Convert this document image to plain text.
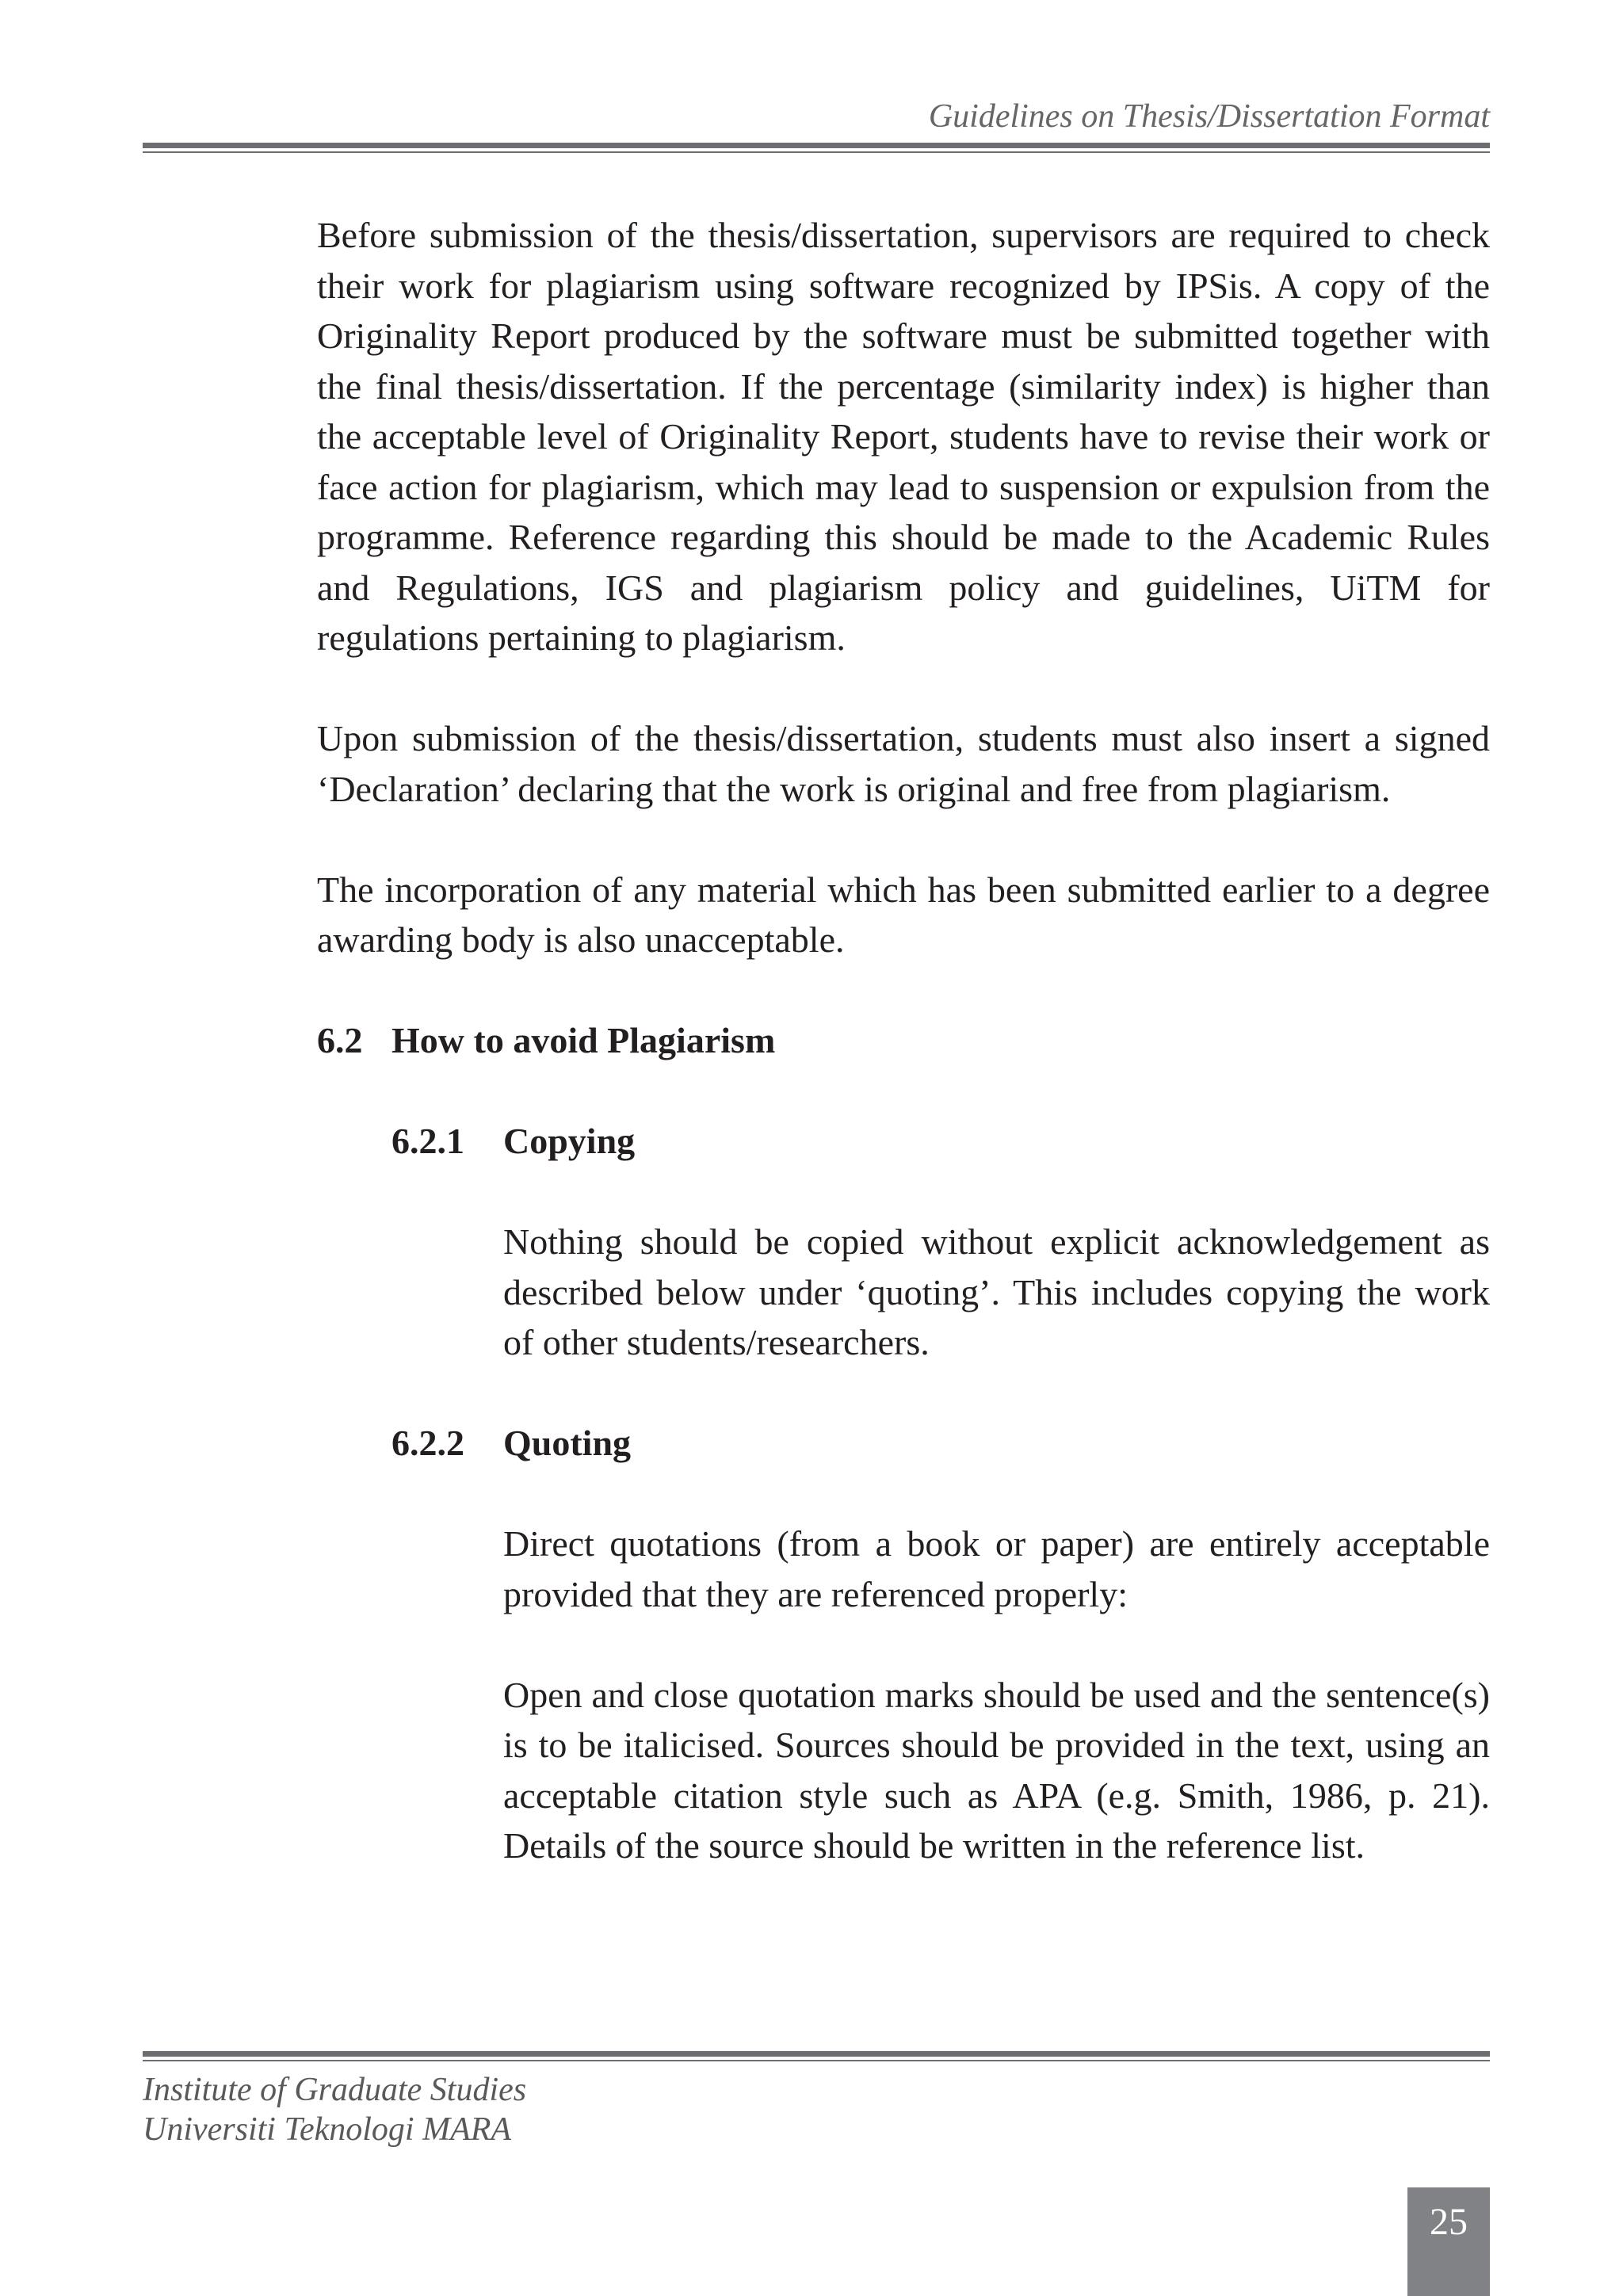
Guidelines on Thesis/Dissertation Format

Before submission of the thesis/dissertation, supervisors are required to check their work for plagiarism using software recognized by IPSis. A copy of the Originality Report produced by the software must be submitted together with the final thesis/dissertation. If the percentage (similarity index) is higher than the acceptable level of Originality Report, students have to revise their work or face action for plagiarism, which may lead to suspension or expulsion from the programme. Reference regarding this should be made to the Academic Rules and Regulations, IGS and plagiarism policy and guidelines, UiTM for regulations pertaining to plagiarism.

Upon submission of the thesis/dissertation, students must also insert a signed ‘Declaration’ declaring that the work is original and free from plagiarism.

The incorporation of any material which has been submitted earlier to a degree awarding body is also unacceptable.

6.2 How to avoid Plagiarism
6.2.1	Copying

Nothing should be copied without explicit acknowledgement as described below under ‘quoting’. This includes copying the work of other students/researchers.

6.2.2	Quoting

Direct quotations (from a book or paper) are entirely acceptable provided that they are referenced properly:

Open and close quotation marks should be used and the sentence(s) is to be italicised. Sources should be provided in the text, using an acceptable citation style such as APA (e.g. Smith, 1986, p. 21). Details of the source should be written in the reference list.

Institute of Graduate Studies
Universiti Teknologi MARA
25
